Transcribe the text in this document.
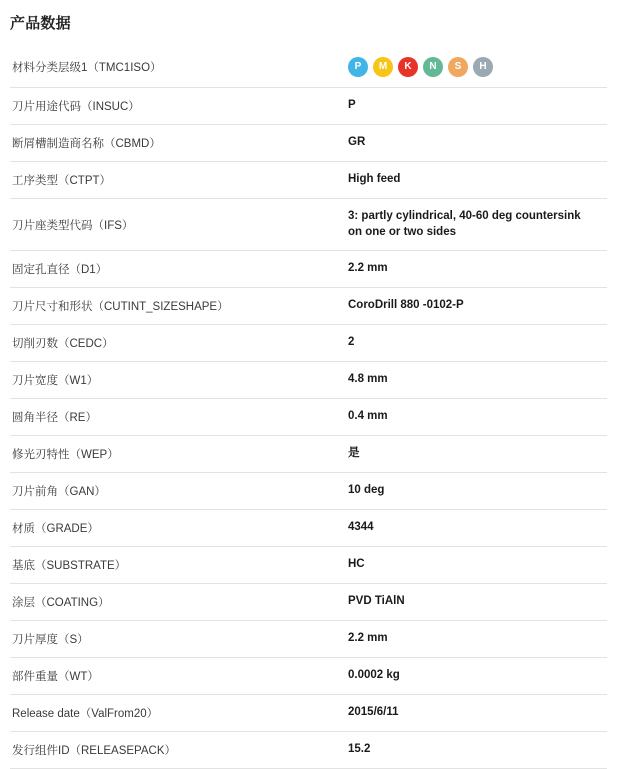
产品数据
材料分类层级1（TMC1ISO）	P	M	K	N	S	H

刀片用途代码（INSUC）	P
断屑槽制造商名称（CBMD）	GR
工序类型（CTPT）	High feed
刀片座类型代码（IFS）	3: partly cylindrical, 40-60 deg countersink on one or two sides
固定孔直径（D1）	2.2 mm
刀片尺寸和形状（CUTINT_SIZESHAPE）	CoroDrill 880 -0102-P
切削刃数（CEDC）	2
刀片宽度（W1）	4.8 mm
圆角半径（RE）	0.4 mm
修光刃特性（WEP）	是
刀片前角（GAN）	10 deg
材质（GRADE）	4344
基底（SUBSTRATE）	HC
涂层（COATING）	PVD TiAlN
刀片厚度（S）	2.2 mm
部件重量（WT）	0.0002 kg
Release date（ValFrom20）	2015/6/11
发行组件ID（RELEASEPACK）	15.2
